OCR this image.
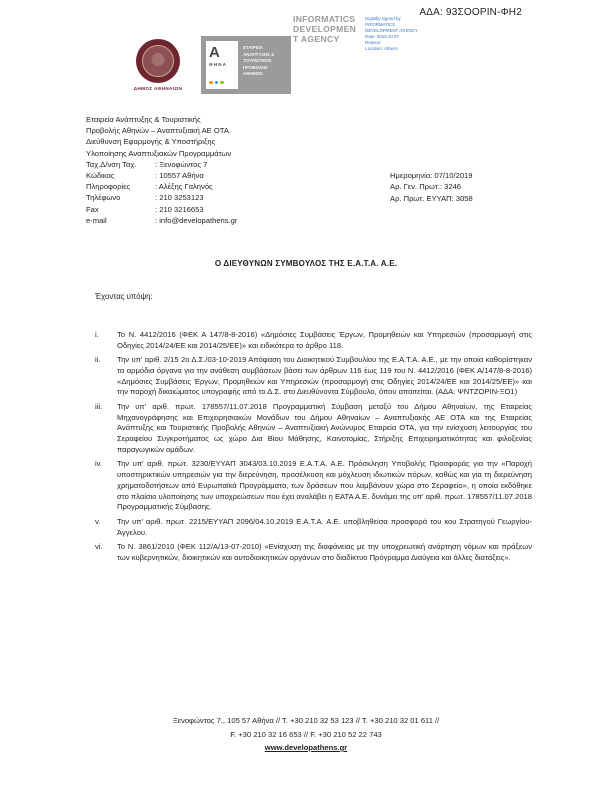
ΑΔΑ: 93ΣΟΟΡΙΝ-ΦΗ2
ΔΗΜΟΣ ΑΘΗΝΑΙΩΝ
Α
ΘΗΝΑ
ΕΤΑΙΡΕΙΑ ΑΝΑΠΤΥΞΗΣ & ΤΟΥΡΙΣΤΙΚΗΣ ΠΡΟΒΟΛΗΣ ΑΘΗΝΩΝ
INFORMATICS
DEVELOPMEN
T AGENCY
Digitally signed by
INFORMATICS
DEVELOPMENT AGENCY
Date: 2019.10.07
Reason:
Location: Athens
Εταιρεία Ανάπτυξης & Τουριστικής
Προβολής Αθηνών – Αναπτυξιακή ΑΕ ΟΤΑ
Διεύθυνση Εφαρμογής & Υποστήριξης
Υλοποίησης Αναπτυξιακών Προγραμμάτων
Ταχ.Δ/νση Ταχ.	: Ξενοφώντος 7
Κώδικας	: 10557 Αθήνα
Πληροφορίες	: Αλέξης Γαληνός
Τηλέφωνο	: 210 3253123
Fax	: 210 3216653
e-mail	: info@developathens.gr
Ημερομηνία: 07/10/2019
Αρ. Γεν. Πρωτ.: 3246
Αρ. Πρωτ. ΕΥΥΑΠ: 3058
Ο ΔΙΕΥΘΥΝΩΝ ΣΥΜΒΟΥΛΟΣ ΤΗΣ Ε.Α.Τ.Α. Α.Ε.
Έχοντας υπόψη:
i.	Το Ν. 4412/2016 (ΦΕΚ Α 147/8-8-2016) «Δημόσιες Συμβάσεις Έργων, Προμηθειών και Υπηρεσιών (προσαρμογή στις Οδηγίες 2014/24/ΕΕ και 2014/25/ΕΕ)» και ειδικότερα το άρθρο 118.
ii.	Την υπ' αριθ. 2/15 2ο Δ.Σ./03-10-2019 Απόφαση του Διοικητικού Συμβουλίου της Ε.Α.Τ.Α. Α.Ε., με την οποία καθορίστηκαν τα αρμόδια όργανα για την ανάθεση συμβάσεων βάσει των άρθρων 116 έως 119 του Ν. 4412/2016 (ΦΕΚ Α/147/8-8-2016) «Δημόσιες Συμβάσεις Έργων, Προμηθειών και Υπηρεσιών (προσαρμογή στις Οδηγίες 2014/24/ΕΕ και 2014/25/ΕΕ)» και την παροχή δικαιώματος υπογραφής από το Δ.Σ. στο Διευθύνοντα Σύμβουλο, όπου απαιτείται. (ΑΔΑ: ΨΝΤΖΟΡΙΝ-ΞΟ1)
iii.	Την υπ' αριθ. πρωτ. 178557/11.07.2018 Προγραμματική Σύμβαση μεταξύ του Δήμου Αθηναίων, της Εταιρείας Μηχανογράφησης και Επιχειρησιακών Μονάδων του Δήμου Αθηναίων – Αναπτυξιακής ΑΕ ΟΤΑ και της Εταιρείας Ανάπτυξης και Τουριστικής Προβολής Αθηνών – Αναπτυξιακή Ανώνυμος Εταιρεία ΟΤΑ, για την ενίσχυση λειτουργίας του Σεραφείου Συγκροτήματος ως χώρο Δια Βίου Μάθησης, Καινοτομίας, Στήριξης Επιχειρηματικότητας και φιλοξενίας παραγωγικών ομάδων.
iv.	Την υπ' αριθ. πρωτ. 3230/ΕΥΥΑΠ 3043/03.10.2019 Ε.Α.Τ.Α. Α.Ε. Πρόσκληση Υποβολής Προσφοράς για την «Παροχή υποστηρικτικών υπηρεσιών για την διερεύνηση, προσέλκυση και μόχλευση ιδιωτικών πόρων, καθώς και για τη διερεύνηση χρηματοδοτήσεων από Ευρωπαϊκά Προγράμματα, των δράσεων που λαμβάνουν χώρα στο Σεραφείο», η οποία εκδόθηκε στο πλαίσιο υλοποίησης των υποχρεώσεων που έχει αναλάβει η ΕΑΤΑ Α.Ε. δυνάμει της υπ' αριθ. πρωτ. 178557/11.07.2018 Προγραμματικής Σύμβασης.
v.	Την υπ' αριθ. πρωτ. 2215/ΕΥΥΑΠ 2096/04.10.2019 Ε.Α.Τ.Α. Α.Ε. υποβληθείσα προσφορά του κου Στρατηγού Γεωργίου-Άγγελου.
vi.	Το Ν. 3861/2010 (ΦΕΚ 112/Α/13-07-2010) «Ενίσχυση της διαφάνειας με την υποχρεωτική ανάρτηση νόμων και πράξεων των κυβερνητικών, διοικητικών και αυτοδιοικητικών οργάνων στο διαδίκτυο Πρόγραμμα Διαύγεια και άλλες διατάξεις».
Ξενοφώντος 7., 105 57 Αθήνα // Τ. +30 210 32 53 123 // Τ. +30 210 32 01 611 //
F. +30 210 32 16 653 // F. +30 210 52 22 743
www.developathens.gr
